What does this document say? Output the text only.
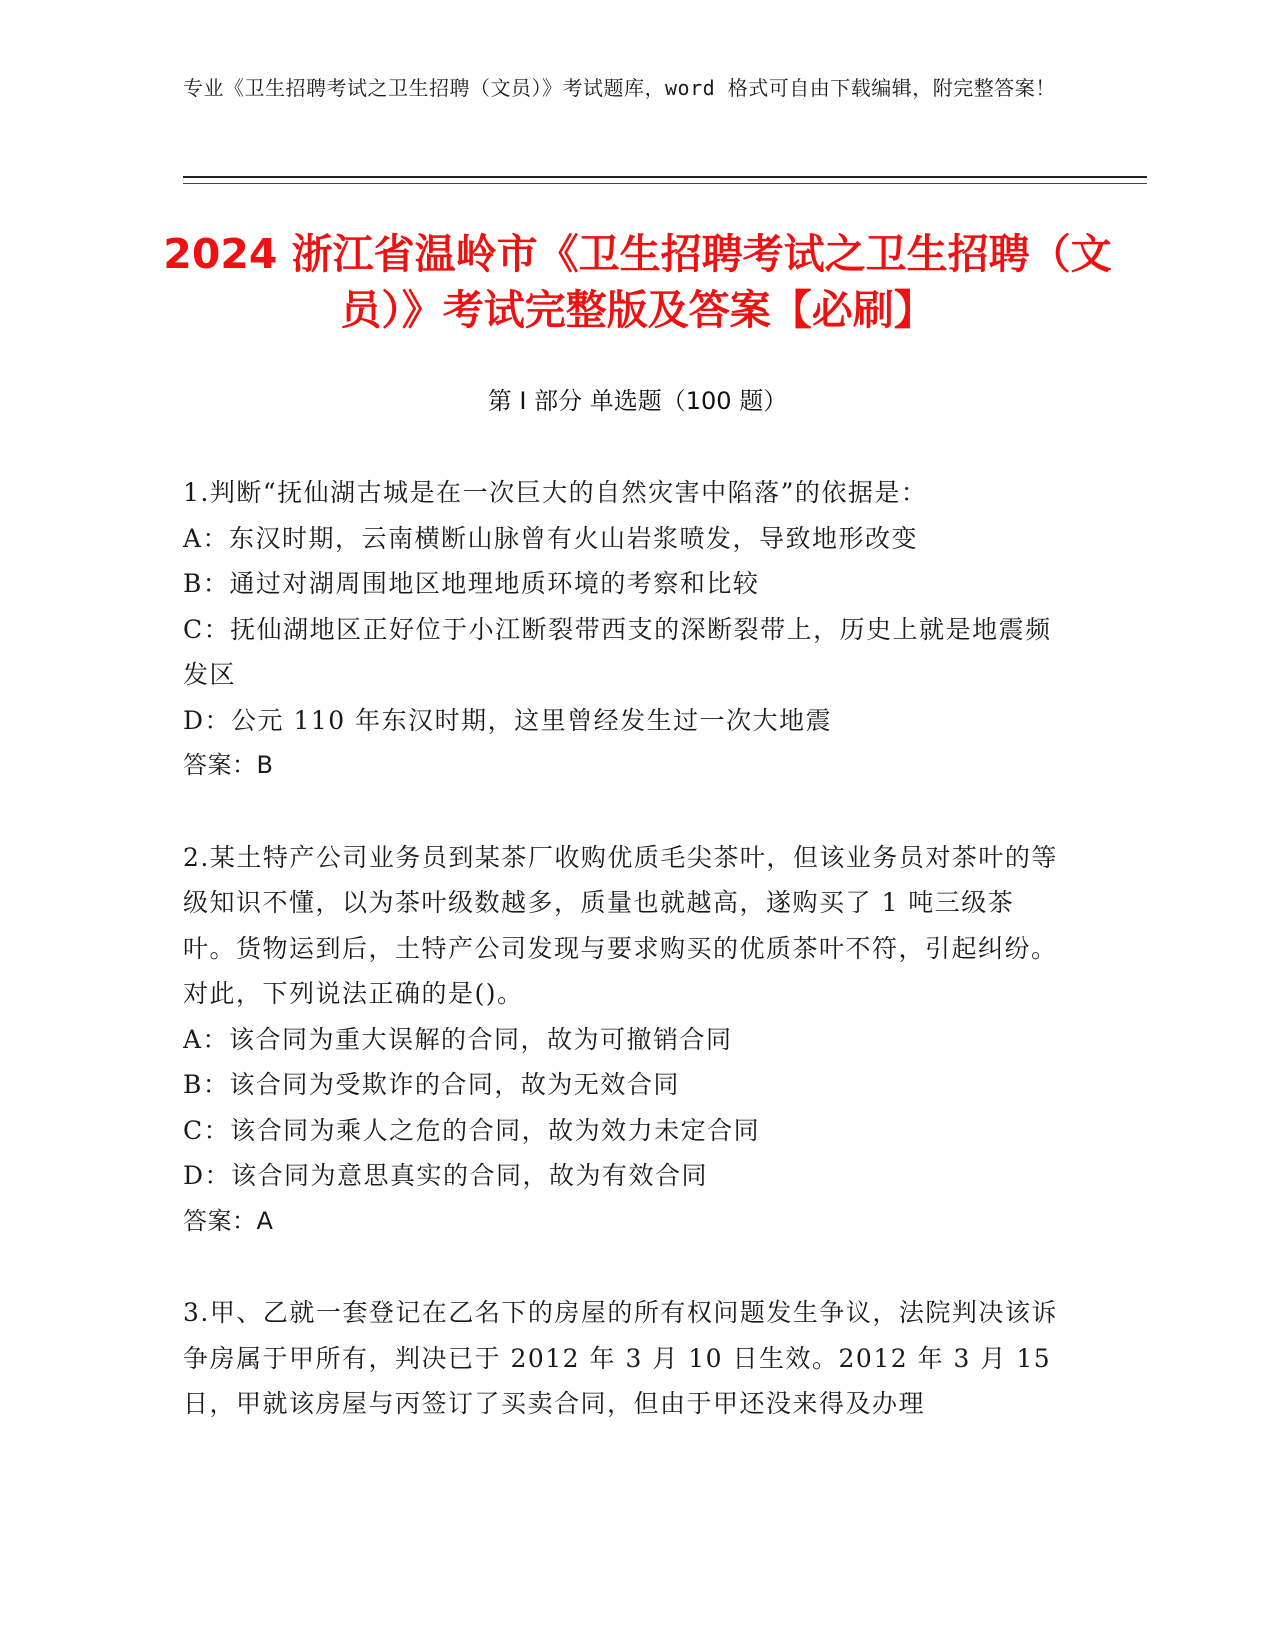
专业《卫生招聘考试之卫生招聘（文员）》考试题库，word 格式可自由下载编辑，附完整答案！
2024 浙江省温岭市《卫生招聘考试之卫生招聘（文员）》考试完整版及答案【必刷】
第 I 部分 单选题（100 题）

1.判断“抚仙湖古城是在一次巨大的自然灾害中陷落”的依据是：

A：东汉时期，云南横断山脉曾有火山岩浆喷发，导致地形改变

B：通过对湖周围地区地理地质环境的考察和比较

C：抚仙湖地区正好位于小江断裂带西支的深断裂带上，历史上就是地震频发区

D：公元 110 年东汉时期，这里曾经发生过一次大地震

答案：B

2.某土特产公司业务员到某茶厂收购优质毛尖茶叶，但该业务员对茶叶的等级知识不懂，以为茶叶级数越多，质量也就越高，遂购买了 1 吨三级茶叶。货物运到后，土特产公司发现与要求购买的优质茶叶不符，引起纠纷。对此，下列说法正确的是()。

A：该合同为重大误解的合同，故为可撤销合同

B：该合同为受欺诈的合同，故为无效合同

C：该合同为乘人之危的合同，故为效力未定合同

D：该合同为意思真实的合同，故为有效合同

答案：A

3.甲、乙就一套登记在乙名下的房屋的所有权问题发生争议，法院判决该诉争房属于甲所有，判决已于 2012 年 3 月 10 日生效。2012 年 3 月 15 日，甲就该房屋与丙签订了买卖合同，但由于甲还没来得及办理
